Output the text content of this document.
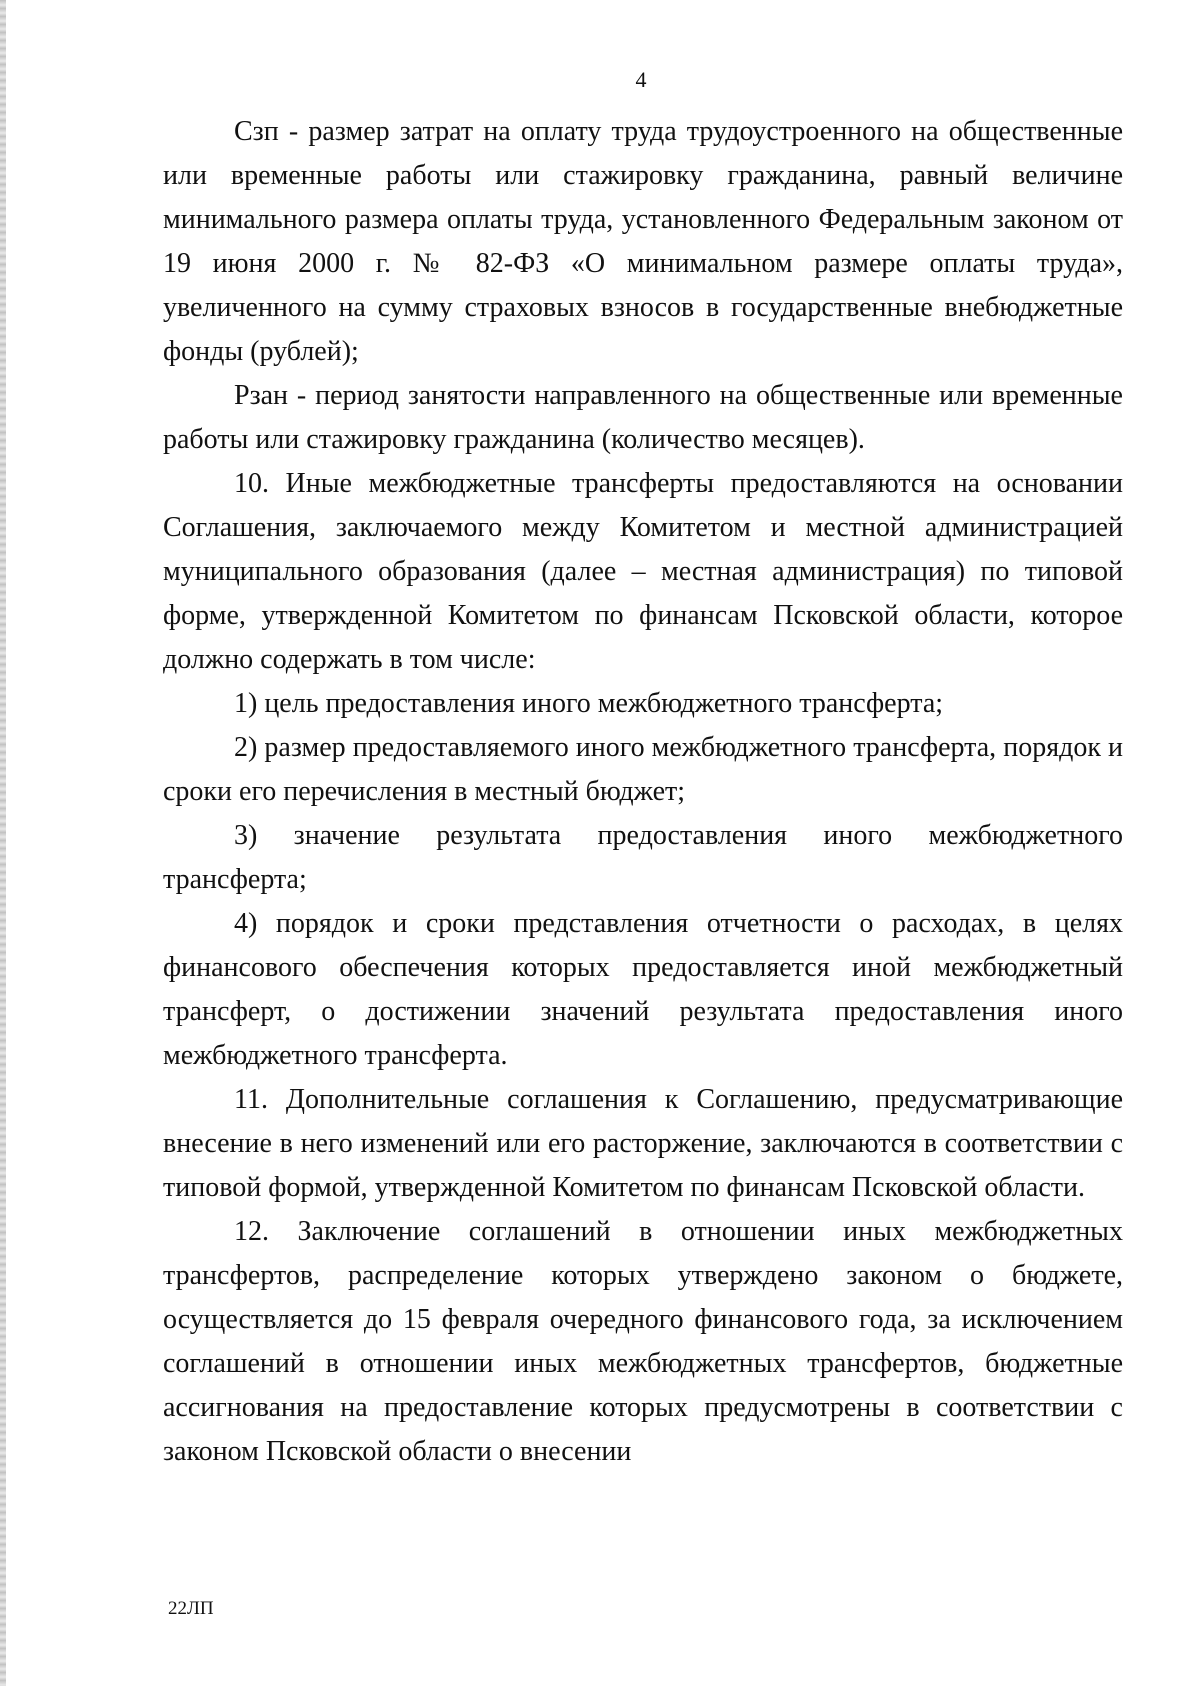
4

Сзп - размер затрат на оплату труда трудоустроенного на общественные или временные работы или стажировку гражданина, равный величине минимального размера оплаты труда, установленного Федеральным законом от 19 июня 2000 г. № 82-ФЗ «О минимальном размере оплаты труда», увеличенного на сумму страховых взносов в государственные внебюджетные фонды (рублей);

Рзан - период занятости направленного на общественные или временные работы или стажировку гражданина (количество месяцев).

10. Иные межбюджетные трансферты предоставляются на основании Соглашения, заключаемого между Комитетом и местной администрацией муниципального образования (далее – местная администрация) по типовой форме, утвержденной Комитетом по финансам Псковской области, которое должно содержать в том числе:

1) цель предоставления иного межбюджетного трансферта;

2) размер предоставляемого иного межбюджетного трансферта, порядок и сроки его перечисления в местный бюджет;

3) значение результата предоставления иного межбюджетного трансферта;

4) порядок и сроки представления отчетности о расходах, в целях финансового обеспечения которых предоставляется иной межбюджетный трансферт, о достижении значений результата предоставления иного межбюджетного трансферта.

11. Дополнительные соглашения к Соглашению, предусматривающие внесение в него изменений или его расторжение, заключаются в соответствии с типовой формой, утвержденной Комитетом по финансам Псковской области.

12. Заключение соглашений в отношении иных межбюджетных трансфертов, распределение которых утверждено законом о бюджете, осуществляется до 15 февраля очередного финансового года, за исключением соглашений в отношении иных межбюджетных трансфертов, бюджетные ассигнования на предоставление которых предусмотрены в соответствии с законом Псковской области о внесении

22ЛП
